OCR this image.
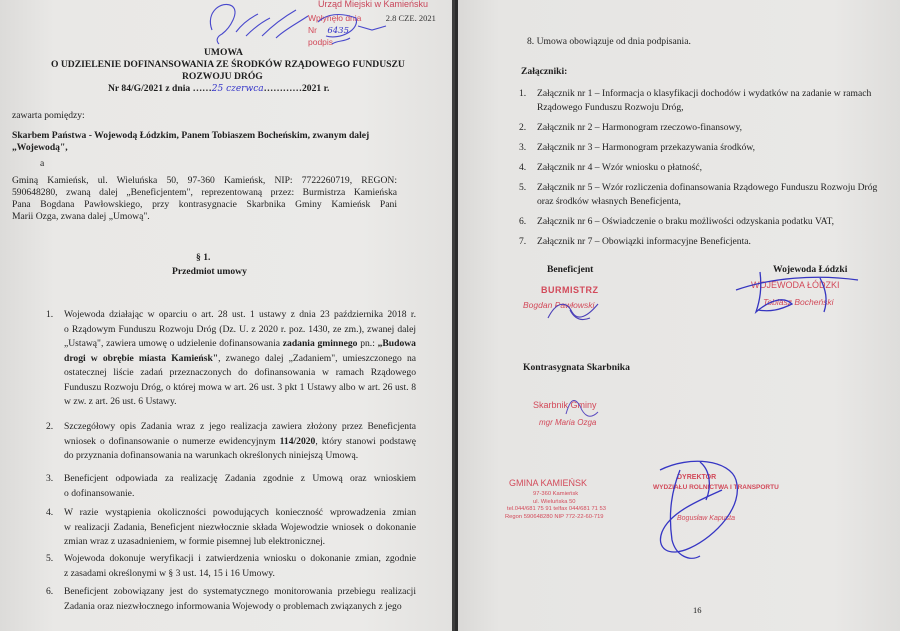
UMOWA
O UDZIELENIE DOFINANSOWANIA ZE ŚRODKÓW RZĄDOWEGO FUNDUSZU
ROZWOJU DRÓG
Nr 84/G/2021 z dnia ……25 czerwca…………2021 r.
zawarta pomiędzy:
Skarbem Państwa - Wojewodą Łódzkim, Panem Tobiaszem Bocheńskim, zwanym dalej
„Wojewodą",
a
Gminą Kamieńsk, ul. Wieluńska 50, 97-360 Kamieńsk, NIP: 7722260719, REGON:
590648280, zwaną dalej „Beneficjentem", reprezentowaną przez: Burmistrza Kamieńska
Pana Bogdana Pawłowskiego, przy kontrasygnacie Skarbnika Gminy Kamieńsk Pani
Marii Ozga, zwana dalej „Umową".
§ 1.
Przedmiot umowy
1. Wojewoda działając w oparciu o art. 28 ust. 1 ustawy z dnia 23 października 2018 r.
o Rządowym Funduszu Rozwoju Dróg (Dz. U. z 2020 r. poz. 1430, ze zm.), zwanej dalej
„Ustawą", zawiera umowę o udzielenie dofinansowania zadania gminnego pn.: „Budowa
drogi w obrębie miasta Kamieńsk", zwanego dalej „Zadaniem", umieszczonego na
ostatecznej liście zadań przeznaczonych do dofinansowania w ramach Rządowego
Funduszu Rozwoju Dróg, o której mowa w art. 26 ust. 3 pkt 1 Ustawy albo w art. 26 ust. 8
w zw. z art. 26 ust. 6 Ustawy.
2. Szczegółowy opis Zadania wraz z jego realizacja zawiera złożony przez Beneficjenta
wniosek o dofinansowanie o numerze ewidencyjnym 114/2020, który stanowi podstawę
do przyznania dofinansowania na warunkach określonych niniejszą Umową.
3. Beneficjent odpowiada za realizację Zadania zgodnie z Umową oraz wnioskiem
o dofinansowanie.
4. W razie wystąpienia okoliczności powodujących konieczność wprowadzenia zmian
w realizacji Zadania, Beneficjent niezwłocznie składa Wojewodzie wniosek o dokonanie
zmian wraz z uzasadnieniem, w formie pisemnej lub elektronicznej.
5. Wojewoda dokonuje weryfikacji i zatwierdzenia wniosku o dokonanie zmian, zgodnie
z zasadami określonymi w § 3 ust. 14, 15 i 16 Umowy.
6. Beneficjent zobowiązany jest do systematycznego monitorowania przebiegu realizacji
Zadania oraz niezwłocznego informowania Wojewody o problemach związanych z jego
8. Umowa obowiązuje od dnia podpisania.
Załączniki:
1. Załącznik nr 1 – Informacja o klasyfikacji dochodów i wydatków na zadanie w ramach
Rządowego Funduszu Rozwoju Dróg,
2. Załącznik nr 2 – Harmonogram rzeczowo-finansowy,
3. Załącznik nr 3 – Harmonogram przekazywania środków,
4. Załącznik nr 4 – Wzór wniosku o płatność,
5. Załącznik nr 5 – Wzór rozliczenia dofinansowania Rządowego Funduszu Rozwoju Dróg
oraz środków własnych Beneficjenta,
6. Załącznik nr 6 – Oświadczenie o braku możliwości odzyskania podatku VAT,
7. Załącznik nr 7 – Obowiązki informacyjne Beneficjenta.
Beneficjent	Wojewoda Łódzki
BURMISTRZ
Bogdan Pawłowski
WOJEWODA ŁÓDZKI
Tobiasz Bocheński
Kontrasygnata Skarbnika
Skarbnik Gminy
mgr Maria Ozga
GMINA KAMIEŃSK
97-360 Kamieńsk
ul. Wieluńska 50
tel.044/681 75 91 telfax 044/681 71 53
Regon 590648280 NIP 772-22-60-719
DYREKTOR
WYDZIAŁU ROLNICTWA I TRANSPORTU
Bogusław Kapusta
16
Urząd Miejski w Kamieńsku
Wpłynęło dnia	2.8 CZE. 2021
Nr 6435
podpis
